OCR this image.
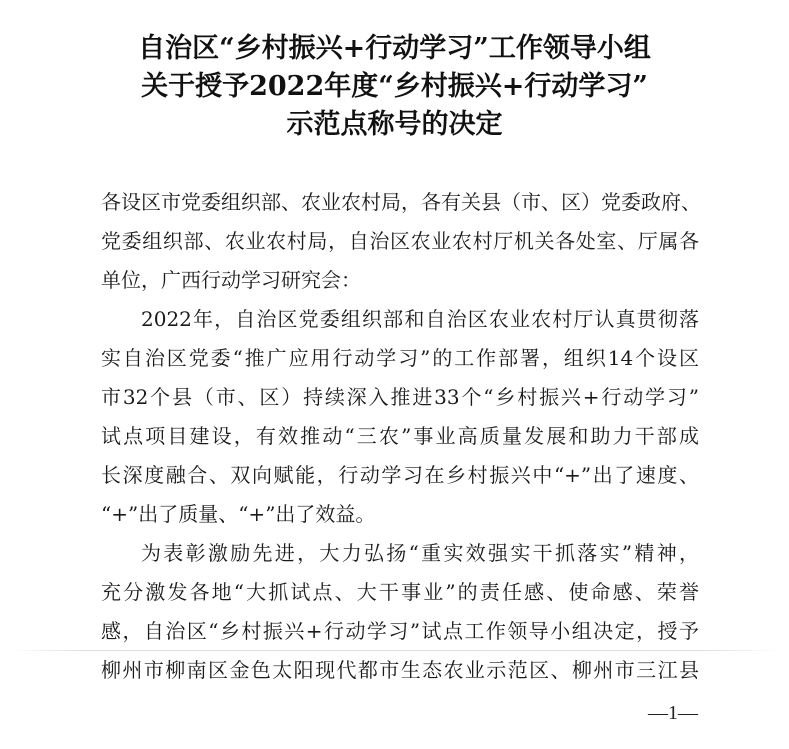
自治区“乡村振兴+行动学习”工作领导小组
关于授予2022年度“乡村振兴+行动学习”
示范点称号的决定
各设区市党委组织部、农业农村局，各有关县（市、区）党委政府、
党委组织部、农业农村局，自治区农业农村厅机关各处室、厅属各
单位，广西行动学习研究会：
2022年，自治区党委组织部和自治区农业农村厅认真贯彻落
实自治区党委“推广应用行动学习”的工作部署，组织14个设区
市32个县（市、区）持续深入推进33个“乡村振兴+行动学习”
试点项目建设，有效推动“三农”事业高质量发展和助力干部成
长深度融合、双向赋能，行动学习在乡村振兴中“+”出了速度、
“+”出了质量、“+”出了效益。
为表彰激励先进，大力弘扬“重实效强实干抓落实”精神，
充分激发各地“大抓试点、大干事业”的责任感、使命感、荣誉
感，自治区“乡村振兴+行动学习”试点工作领导小组决定，授予
柳州市柳南区金色太阳现代都市生态农业示范区、柳州市三江县
—1—
